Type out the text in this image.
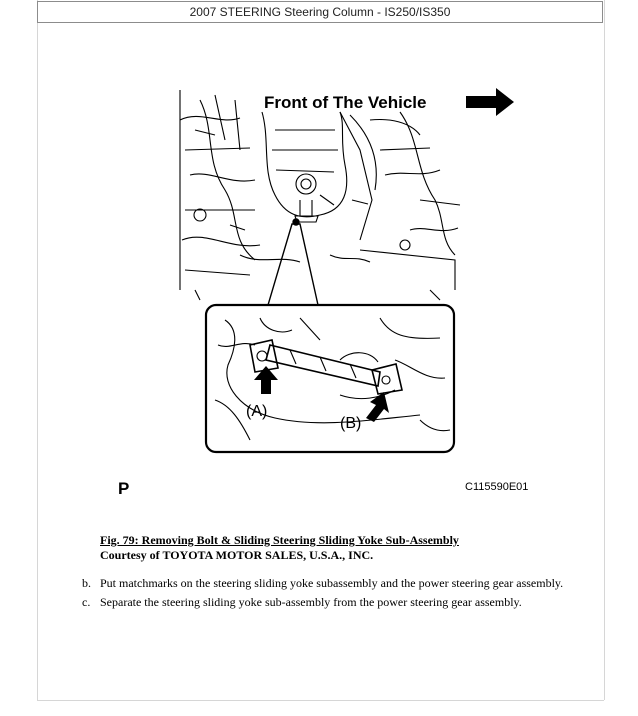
2007 STEERING Steering Column - IS250/IS350
Front of The Vehicle
(A)
(B)
P	C115590E01
Fig. 79: Removing Bolt & Sliding Steering Sliding Yoke Sub-Assembly
Courtesy of TOYOTA MOTOR SALES, U.S.A., INC.
b. Put matchmarks on the steering sliding yoke subassembly and the power steering gear assembly.
c. Separate the steering sliding yoke sub-assembly from the power steering gear assembly.
